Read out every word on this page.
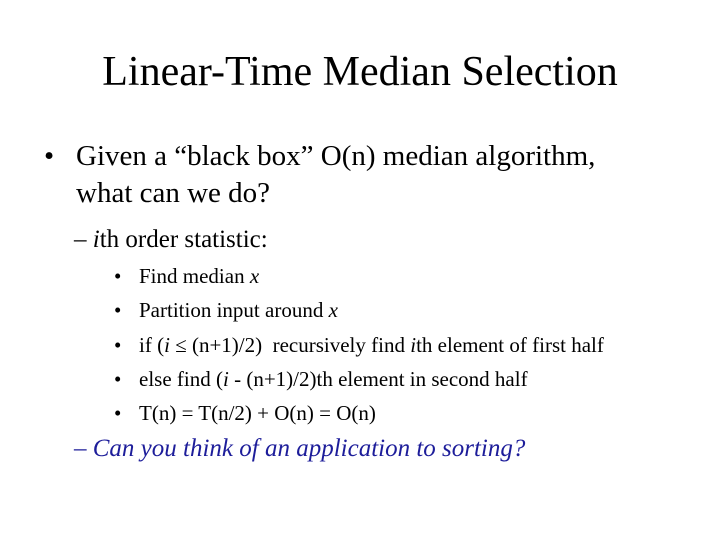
Linear-Time Median Selection
• Given a “black box” O(n) median algorithm,
what can we do?
– ith order statistic:
• Find median x
• Partition input around x
• if (i ≤ (n+1)/2)  recursively find ith element of first half
• else find (i - (n+1)/2)th element in second half
• T(n) = T(n/2) + O(n) = O(n)
– Can you think of an application to sorting?
